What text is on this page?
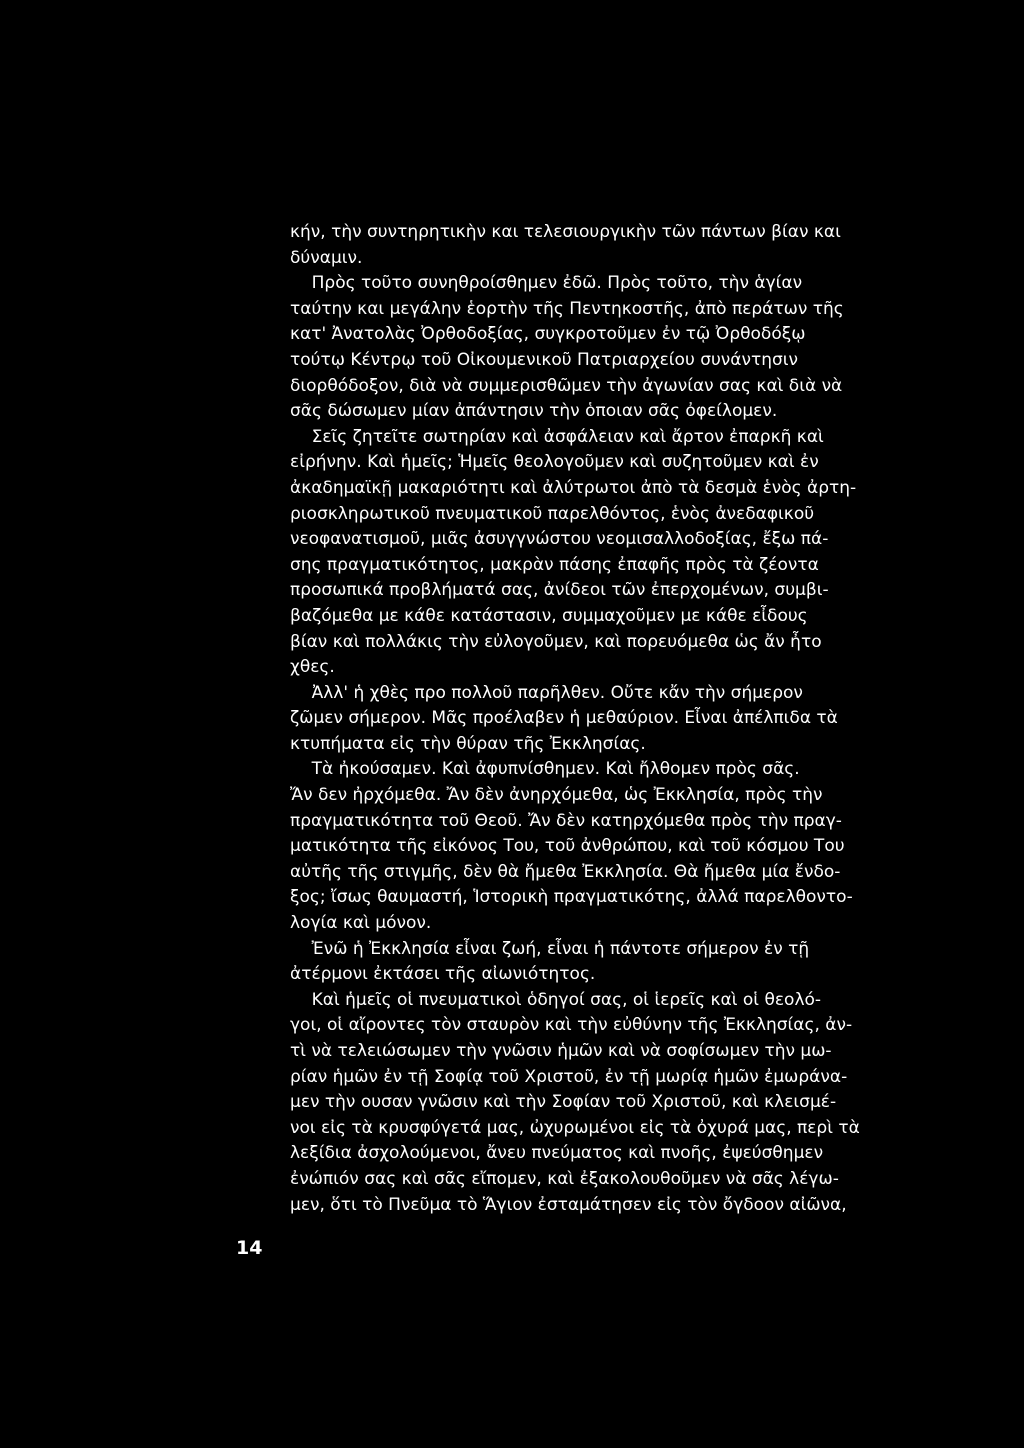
κήν, τὴν συντηρητικὴν και τελεσιουργικὴν τῶν πάντων βίαν και
δύναμιν.
Πρὸς τοῦτο συνηθροίσθημεν ἐδῶ. Πρὸς τοῦτο, τὴν ἁγίαν
ταύτην και μεγάλην ἑορτὴν τῆς Πεντηκοστῆς, ἀπὸ περάτων τῆς
κατ' Ἀνατολὰς Ὀρθοδοξίας, συγκροτοῦμεν ἐν τῷ Ὀρθοδόξῳ
τούτῳ Κέντρῳ τοῦ Οἰκουμενικοῦ Πατριαρχείου συνάντησιν
διορθόδοξον, διὰ νὰ συμμερισθῶμεν τὴν ἀγωνίαν σας καὶ διὰ νὰ
σᾶς δώσωμεν μίαν ἀπάντησιν τὴν ὁποιαν σᾶς ὀφείλομεν.
Σεῖς ζητεῖτε σωτηρίαν καὶ ἀσφάλειαν καὶ ἄρτον ἐπαρκῆ καὶ
εἰρήνην. Καὶ ἡμεῖς; Ἡμεῖς θεολογοῦμεν καὶ συζητοῦμεν καὶ ἐν
ἀκαδημαϊκῇ μακαριότητι καὶ ἀλύτρωτοι ἀπὸ τὰ δεσμὰ ἑνὸς ἀρτη-
ριοσκληρωτικοῦ πνευματικοῦ παρελθόντος, ἑνὸς ἀνεδαφικοῦ
νεοφανατισμοῦ, μιᾶς ἀσυγγνώστου νεομισαλλοδοξίας, ἔξω πά-
σης πραγματικότητος, μακρὰν πάσης ἐπαφῆς πρὸς τὰ ζέοντα
προσωπικά προβλήματά σας, ἀνίδεοι τῶν ἐπερχομένων, συμβι-
βαζόμεθα με κάθε κατάστασιν, συμμαχοῦμεν με κάθε εἶδους
βίαν καὶ πολλάκις τὴν εὐλογοῦμεν, καὶ πορευόμεθα ὡς ἄν ἦτο
χθες.
Ἀλλ' ἡ χθὲς προ πολλοῦ παρῆλθεν. Οὔτε κἄν τὴν σήμερον
ζῶμεν σήμερον. Μᾶς προέλαβεν ἡ μεθαύριον. Εἶναι ἀπέλπιδα τὰ
κτυπήματα εἰς τὴν θύραν τῆς Ἐκκλησίας.
Τὰ ἠκούσαμεν. Καὶ ἀφυπνίσθημεν. Καὶ ἤλθομεν πρὸς σᾶς.
Ἄν δεν ἠρχόμεθα. Ἄν δὲν ἀνηρχόμεθα, ὡς Ἐκκλησία, πρὸς τὴν
πραγματικότητα τοῦ Θεοῦ. Ἄν δὲν κατηρχόμεθα πρὸς τὴν πραγ-
ματικότητα τῆς εἰκόνος Του, τοῦ ἀνθρώπου, καὶ τοῦ κόσμου Του
αὐτῆς τῆς στιγμῆς, δὲν θὰ ἤμεθα Ἐκκλησία. Θὰ ἤμεθα μία ἔνδο-
ξος; ἴσως θαυμαστή, Ἱστορικὴ πραγματικότης, ἀλλά παρελθοντο-
λογία καὶ μόνον.
Ἐνῶ ἡ Ἐκκλησία εἶναι ζωή, εἶναι ἡ πάντοτε σήμερον ἐν τῇ
ἀτέρμονι ἐκτάσει τῆς αἰωνιότητος.
Καὶ ἡμεῖς οἱ πνευματικοὶ ὁδηγοί σας, οἱ ἱερεῖς καὶ οἱ θεολό-
γοι, οἱ αἴροντες τὸν σταυρὸν καὶ τὴν εὐθύνην τῆς Ἐκκλησίας, ἀν-
τὶ νὰ τελειώσωμεν τὴν γνῶσιν ἡμῶν καὶ νὰ σοφίσωμεν τὴν μω-
ρίαν ἡμῶν ἐν τῇ Σοφίᾳ τοῦ Χριστοῦ, ἐν τῇ μωρίᾳ ἡμῶν ἐμωράνα-
μεν τὴν ουσαν γνῶσιν καὶ τὴν Σοφίαν τοῦ Χριστοῦ, καὶ κλεισμέ-
νοι εἰς τὰ κρυσφύγετά μας, ὠχυρωμένοι εἰς τὰ ὀχυρά μας, περὶ τὰ
λεξίδια ἀσχολούμενοι, ἄνευ πνεύματος καὶ πνοῆς, ἐψεύσθημεν
ἐνώπιόν σας καὶ σᾶς εἴπομεν, καὶ ἐξακολουθοῦμεν νὰ σᾶς λέγω-
μεν, ὅτι τὸ Πνεῦμα τὸ Ἅγιον ἐσταμάτησεν εἰς τὸν ὄγδοον αἰῶνα,
14
